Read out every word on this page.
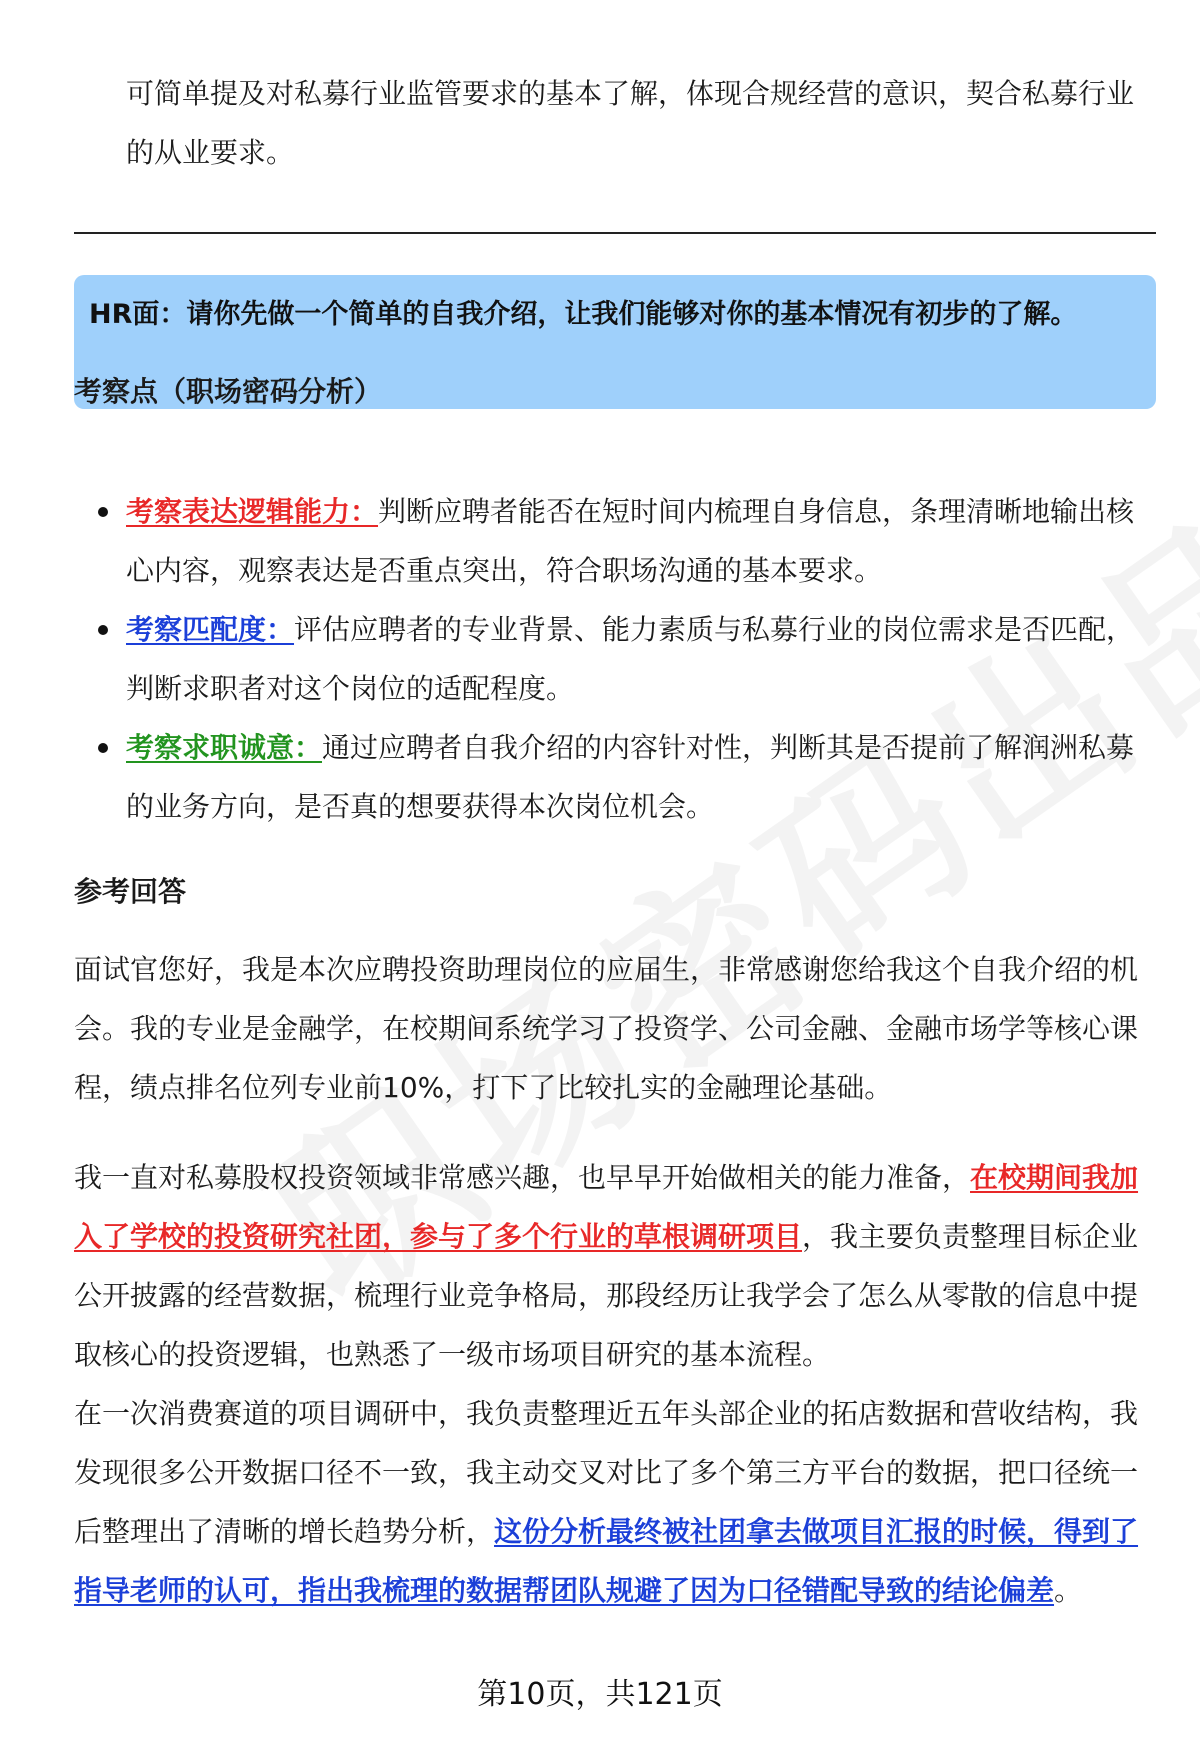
可简单提及对私募行业监管要求的基本了解，体现合规经营的意识，契合私募行业的从业要求。

HR面：请你先做一个简单的自我介绍，让我们能够对你的基本情况有初步的了解。
考察点（职场密码分析）
考察表达逻辑能力：判断应聘者能否在短时间内梳理自身信息，条理清晰地输出核心内容，观察表达是否重点突出，符合职场沟通的基本要求。
考察匹配度：评估应聘者的专业背景、能力素质与私募行业的岗位需求是否匹配，判断求职者对这个岗位的适配程度。
考察求职诚意：通过应聘者自我介绍的内容针对性，判断其是否提前了解润洲私募的业务方向，是否真的想要获得本次岗位机会。
参考回答

面试官您好，我是本次应聘投资助理岗位的应届生，非常感谢您给我这个自我介绍的机会。我的专业是金融学，在校期间系统学习了投资学、公司金融、金融市场学等核心课程，绩点排名位列专业前10%，打下了比较扎实的金融理论基础。

我一直对私募股权投资领域非常感兴趣，也早早开始做相关的能力准备，在校期间我加入了学校的投资研究社团，参与了多个行业的草根调研项目，我主要负责整理目标企业公开披露的经营数据，梳理行业竞争格局，那段经历让我学会了怎么从零散的信息中提取核心的投资逻辑，也熟悉了一级市场项目研究的基本流程。

在一次消费赛道的项目调研中，我负责整理近五年头部企业的拓店数据和营收结构，我发现很多公开数据口径不一致，我主动交叉对比了多个第三方平台的数据，把口径统一后整理出了清晰的增长趋势分析，这份分析最终被社团拿去做项目汇报的时候，得到了指导老师的认可，指出我梳理的数据帮团队规避了因为口径错配导致的结论偏差。

第10页，共121页
